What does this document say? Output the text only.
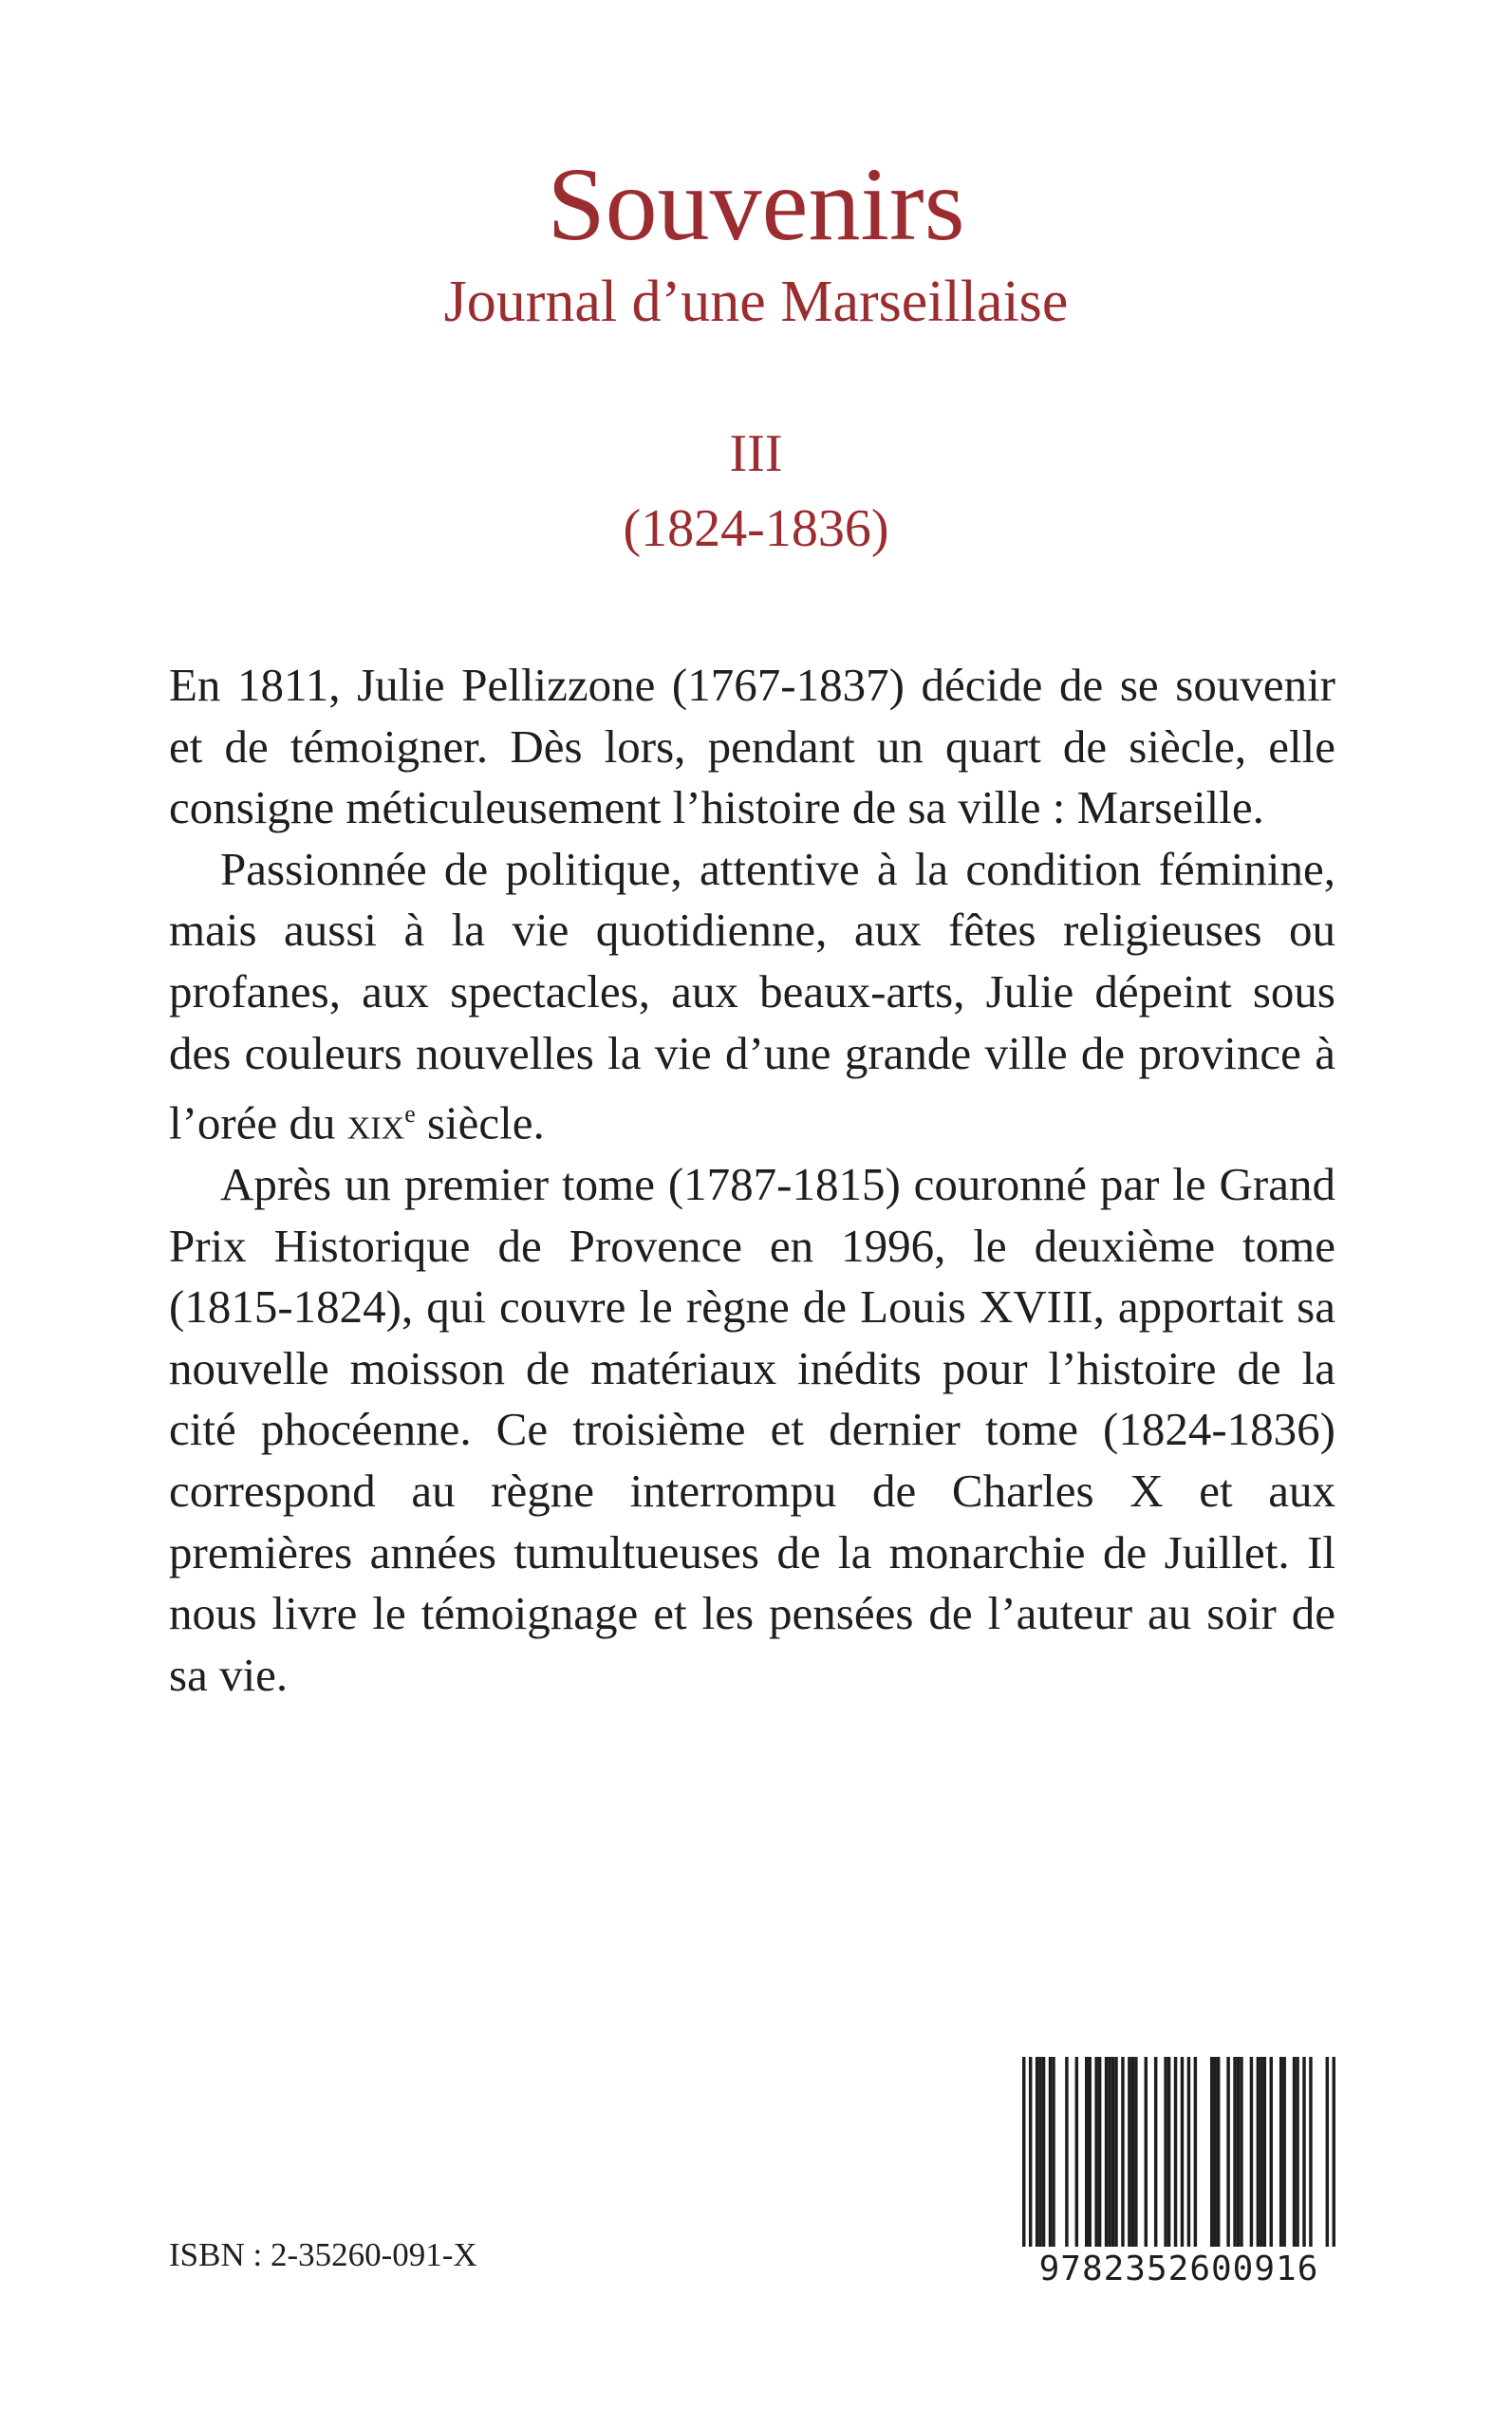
Souvenirs
Journal d’une Marseillaise
III
(1824-1836)

En 1811, Julie Pellizzone (1767-1837) décide de se souvenir et de témoigner. Dès lors, pendant un quart de siècle, elle consigne méticuleusement l’histoire de sa ville : Marseille.

Passionnée de politique, attentive à la condition féminine, mais aussi à la vie quotidienne, aux fêtes religieuses ou profanes, aux spectacles, aux beaux-arts, Julie dépeint sous des couleurs nouvelles la vie d’une grande ville de province à l’orée du xix$^e$ siècle.

Après un premier tome (1787-1815) couronné par le Grand Prix Historique de Provence en 1996, le deuxième tome (1815-1824), qui couvre le règne de Louis XVIII, apportait sa nouvelle moisson de matériaux inédits pour l’histoire de la cité phocéenne. Ce troisième et dernier tome (1824-1836) correspond au règne interrompu de Charles X et aux premières années tumultueuses de la monarchie de Juillet. Il nous livre le témoignage et les pensées de l’auteur au soir de sa vie.

ISBN : 2-35260-091-X	9782352600916
